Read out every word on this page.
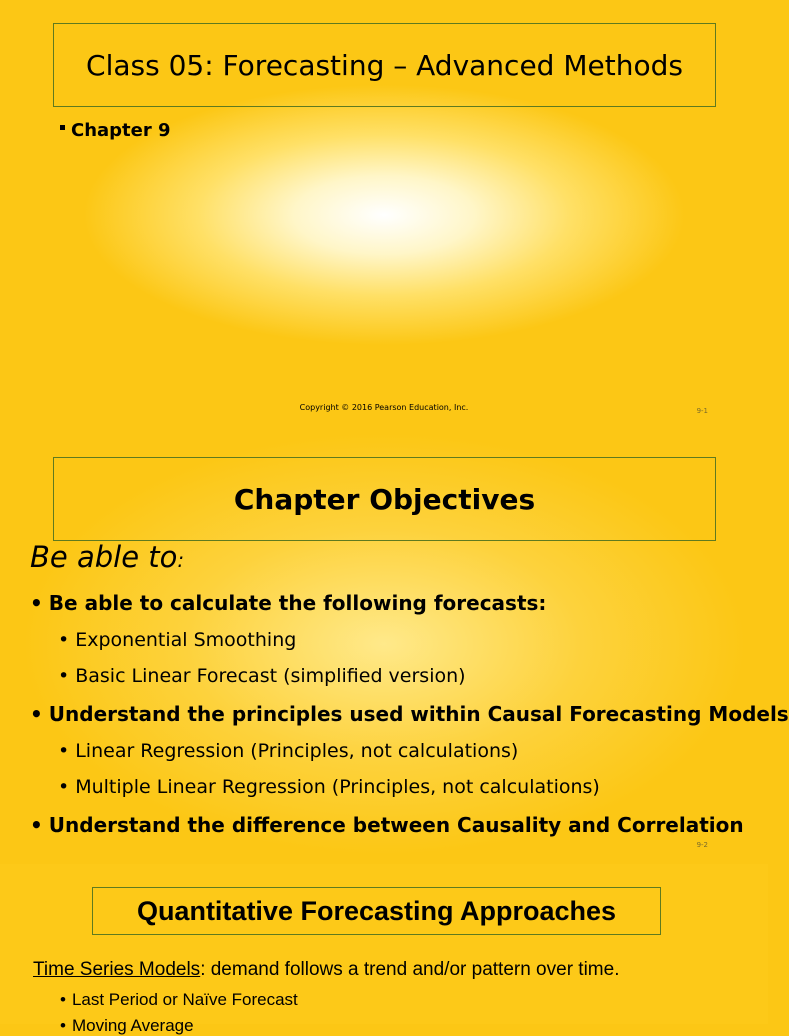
Class 05: Forecasting – Advanced Methods
Chapter 9
Copyright © 2016 Pearson Education, Inc.	9-1
Chapter Objectives
Be able to:
• Be able to calculate the following forecasts:
• Exponential Smoothing
• Basic Linear Forecast (simplified version)
• Understand the principles used within Causal Forecasting Models
• Linear Regression (Principles, not calculations)
• Multiple Linear Regression (Principles, not calculations)
• Understand the difference between Causality and Correlation
9-2
Quantitative Forecasting Approaches
Time Series Models: demand follows a trend and/or pattern over time.
• Last Period or Naïve Forecast
• Moving Average
